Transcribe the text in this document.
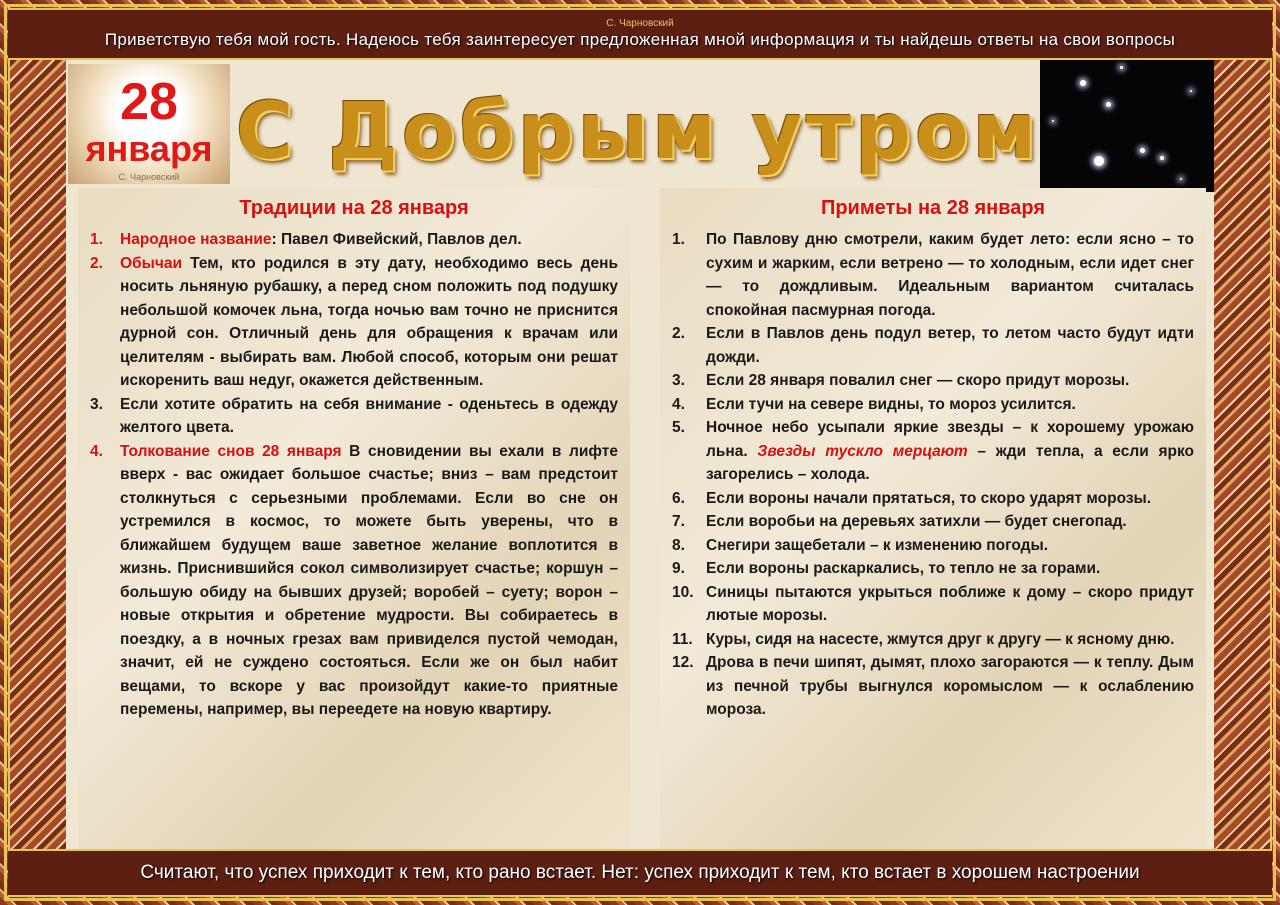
С. Чарновский
Приветствую тебя мой гость. Надеюсь тебя заинтересует предложенная мной информация и ты найдешь ответы на свои вопросы
28
января
С. Чарновский С Добрым утром
Традиции на 28 января
1. Народное название: Павел Фивейский, Павлов дел.
2. Обычаи Тем, кто родился в эту дату, необходимо весь день носить льняную рубашку, а перед сном положить под подушку небольшой комочек льна, тогда ночью вам точно не приснится дурной сон. Отличный день для обращения к врачам или целителям - выбирать вам. Любой способ, которым они решат искоренить ваш недуг, окажется действенным.
3. Если хотите обратить на себя внимание - оденьтесь в одежду желтого цвета.
4. Толкование снов 28 января В сновидении вы ехали в лифте вверх - вас ожидает большое счастье; вниз – вам предстоит столкнуться с серьезными проблемами. Если во сне он устремился в космос, то можете быть уверены, что в ближайшем будущем ваше заветное желание воплотится в жизнь. Приснившийся сокол символизирует счастье; коршун – большую обиду на бывших друзей; воробей – суету; ворон – новые открытия и обретение мудрости. Вы собираетесь в поездку, а в ночных грезах вам привиделся пустой чемодан, значит, ей не суждено состояться. Если же он был набит вещами, то вскоре у вас произойдут какие-то приятные перемены, например, вы переедете на новую квартиру.
Приметы на 28 января
1. По Павлову дню смотрели, каким будет лето: если ясно – то сухим и жарким, если ветрено — то холодным, если идет снег — то дождливым. Идеальным вариантом считалась спокойная пасмурная погода.
2. Если в Павлов день подул ветер, то летом часто будут идти дожди.
3. Если 28 января повалил снег — скоро придут морозы.
4. Если тучи на севере видны, то мороз усилится.
5. Ночное небо усыпали яркие звезды – к хорошему урожаю льна. Звезды тускло мерцают – жди тепла, а если ярко загорелись – холода.
6. Если вороны начали прятаться, то скоро ударят морозы.
7. Если воробьи на деревьях затихли — будет снегопад.
8. Снегири защебетали – к изменению погоды.
9. Если вороны раскаркались, то тепло не за горами.
10. Синицы пытаются укрыться поближе к дому – скоро придут лютые морозы.
11. Куры, сидя на насесте, жмутся друг к другу — к ясному дню.
12. Дрова в печи шипят, дымят, плохо загораются — к теплу. Дым из печной трубы выгнулся коромыслом — к ослаблению мороза.
Считают, что успех приходит к тем, кто рано встает. Нет: успех приходит к тем, кто встает в хорошем настроении
